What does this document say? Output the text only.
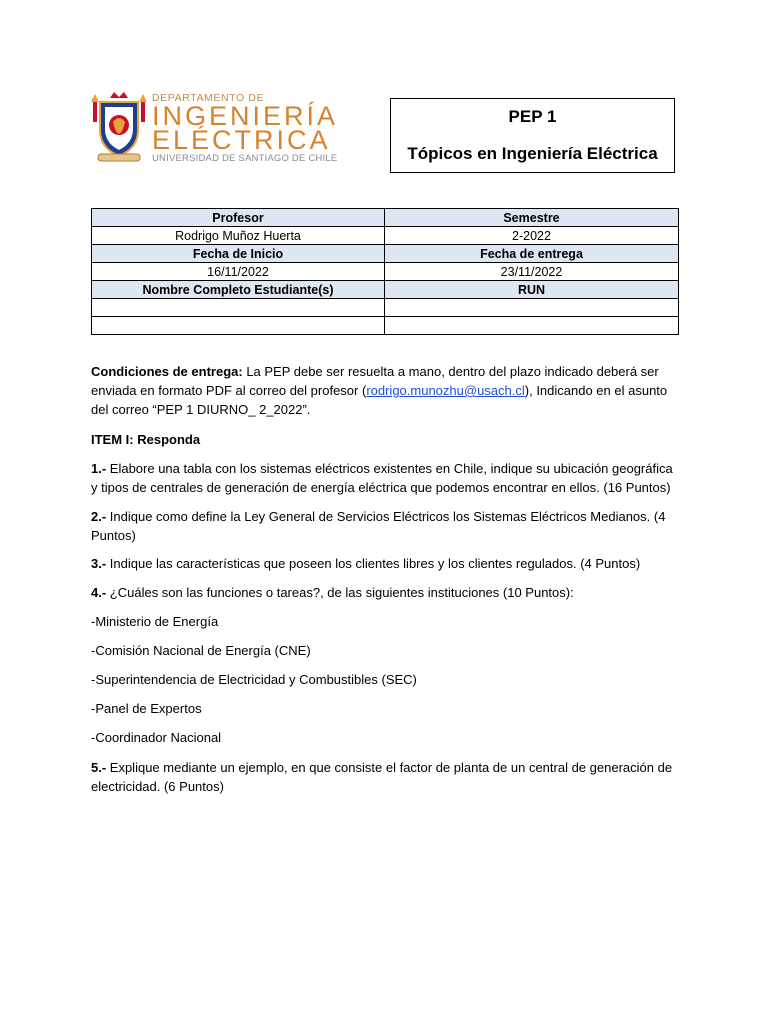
DEPARTAMENTO DE
INGENIERÍA
ELÉCTRICA
UNIVERSIDAD DE SANTIAGO DE CHILE
PEP 1
Tópicos en Ingeniería Eléctrica
Profesor	Semestre
Rodrigo Muñoz Huerta	2-2022
Fecha de Inicio	Fecha de entrega
16/11/2022	23/11/2022
Nombre Completo Estudiante(s)	RUN

Condiciones de entrega: La PEP debe ser resuelta a mano, dentro del plazo indicado deberá ser enviada en formato PDF al correo del profesor (rodrigo.munozhu@usach.cl), Indicando en el asunto del correo “PEP 1 DIURNO_ 2_2022”.
ITEM I: Responda
1.- Elabore una tabla con los sistemas eléctricos existentes en Chile, indique su ubicación geográfica y tipos de centrales de generación de energía eléctrica que podemos encontrar en ellos. (16 Puntos)
2.- Indique como define la Ley General de Servicios Eléctricos los Sistemas Eléctricos Medianos. (4 Puntos)
3.- Indique las características que poseen los clientes libres y los clientes regulados. (4 Puntos)
4.- ¿Cuáles son las funciones o tareas?, de las siguientes instituciones (10 Puntos):
-Ministerio de Energía
-Comisión Nacional de Energía (CNE)
-Superintendencia de Electricidad y Combustibles (SEC)
-Panel de Expertos
-Coordinador Nacional
5.- Explique mediante un ejemplo, en que consiste el factor de planta de un central de generación de electricidad. (6 Puntos)
